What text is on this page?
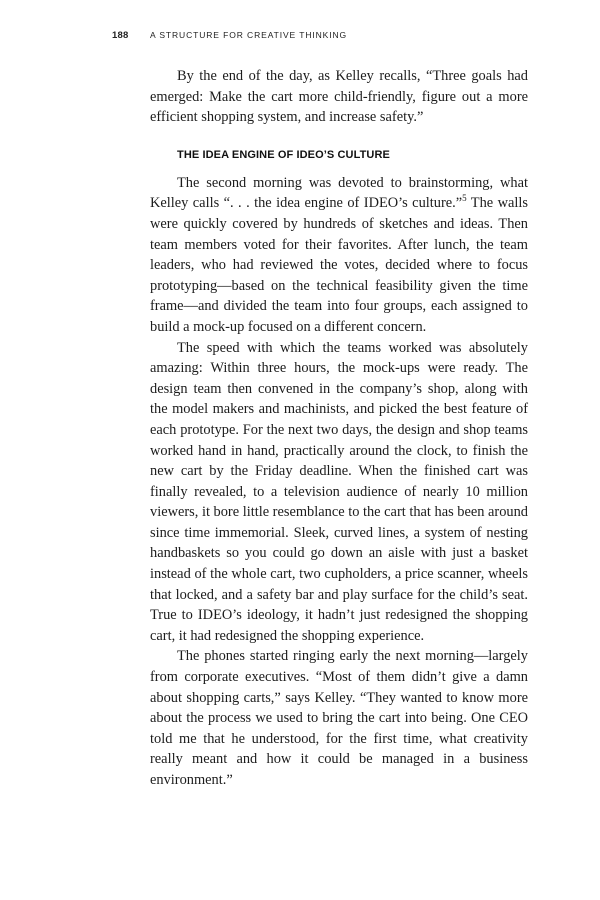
188	A STRUCTURE FOR CREATIVE THINKING

By the end of the day, as Kelley recalls, “Three goals had emerged: Make the cart more child-friendly, figure out a more efficient shopping system, and increase safety.”

THE IDEA ENGINE OF IDEO’S CULTURE

The second morning was devoted to brainstorming, what Kelley calls “. . . the idea engine of IDEO’s culture.”$^5$ The walls were quickly covered by hundreds of sketches and ideas. Then team members voted for their favorites. After lunch, the team leaders, who had reviewed the votes, decided where to focus prototyping—based on the technical feasibility given the time frame—and divided the team into four groups, each assigned to build a mock-up focused on a different concern.

The speed with which the teams worked was absolutely amazing: Within three hours, the mock-ups were ready. The design team then convened in the company’s shop, along with the model makers and machinists, and picked the best feature of each prototype. For the next two days, the design and shop teams worked hand in hand, practically around the clock, to finish the new cart by the Friday deadline. When the finished cart was finally revealed, to a television audience of nearly 10 million viewers, it bore little resemblance to the cart that has been around since time immemorial. Sleek, curved lines, a system of nesting handbaskets so you could go down an aisle with just a basket instead of the whole cart, two cupholders, a price scanner, wheels that locked, and a safety bar and play surface for the child’s seat. True to IDEO’s ideology, it hadn’t just redesigned the shopping cart, it had redesigned the shopping experience.

The phones started ringing early the next morning—largely from corporate executives. “Most of them didn’t give a damn about shopping carts,” says Kelley. “They wanted to know more about the process we used to bring the cart into being. One CEO told me that he understood, for the first time, what creativity really meant and how it could be managed in a business environment.”
